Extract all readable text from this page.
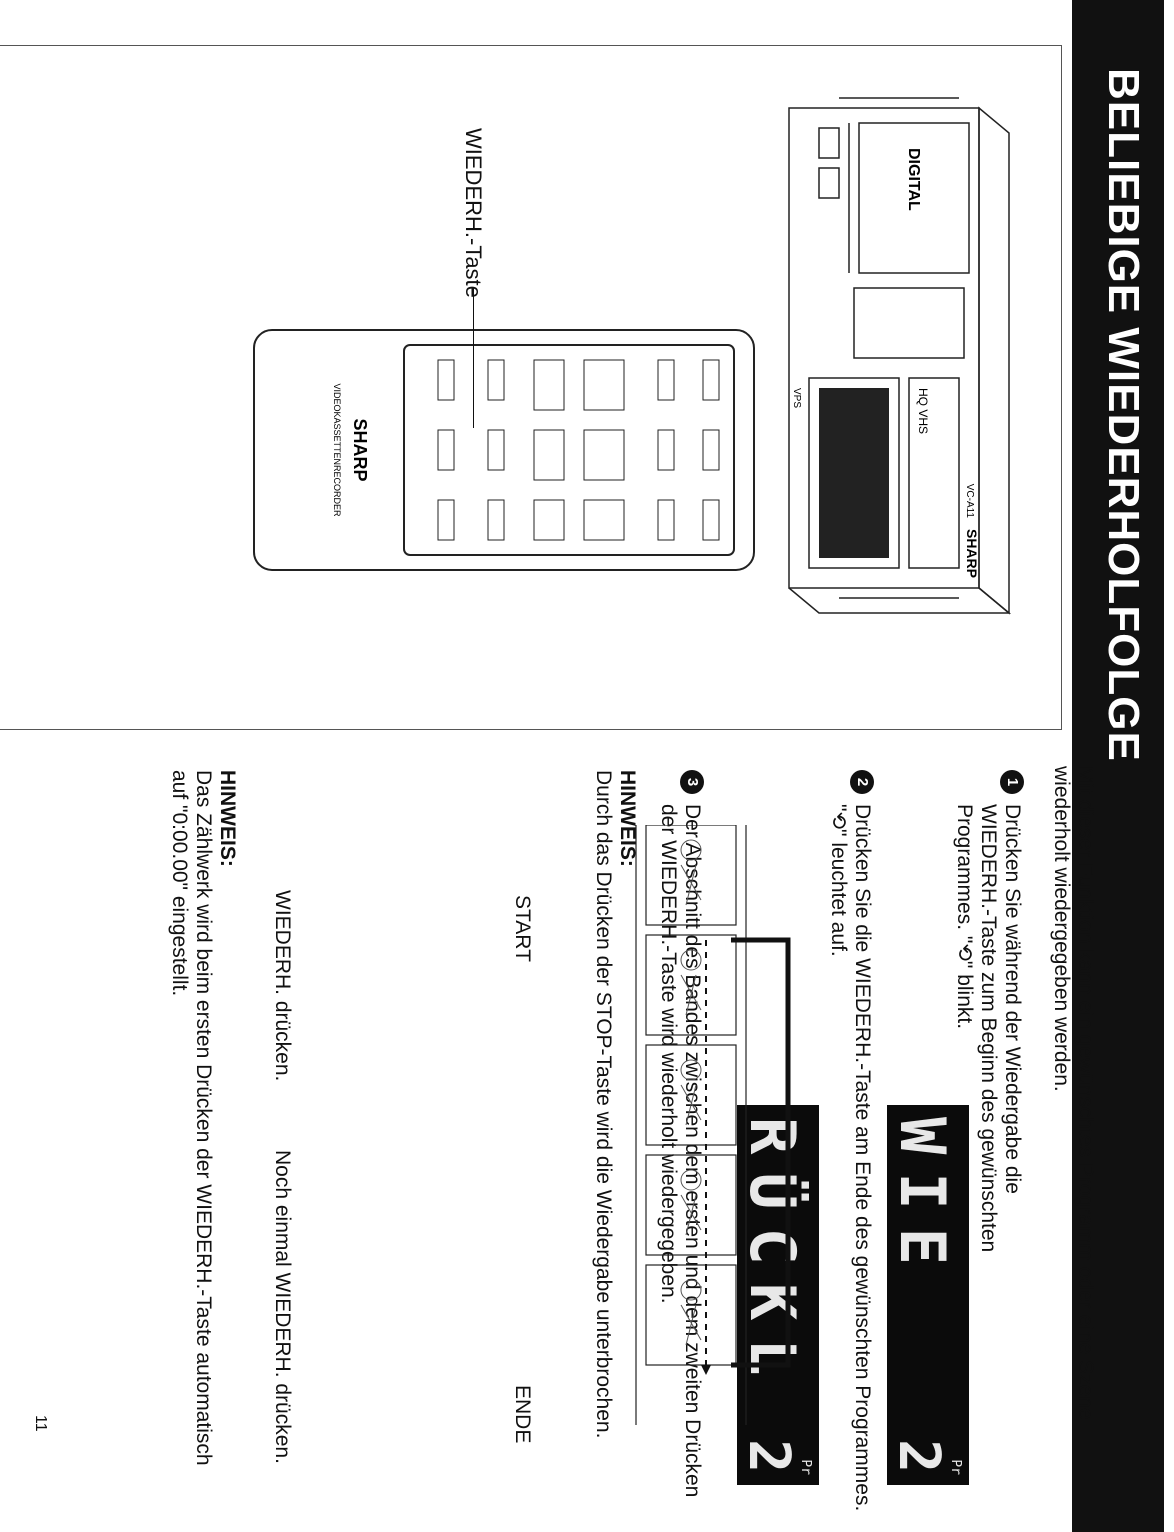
BELIEBIGE WIEDERHOLFOLGE
DIGITAL
HQ VHS
SHARP
VC-A11
VPS
SHARP
VIDEOKASSETTENRECORDER
WIEDERH.-Taste
Mit dieser Funktion kann ein gewünschtes Programm oder eine Szene wiederholt wiedergegeben werden.
1
Drücken Sie während der Wiedergabe die WIEDERH.-Taste zum Beginn des gewünschten Programmes. "⟲" blinkt.
WIE
Pr
2
2
Drücken Sie die WIEDERH.-Taste am Ende des gewünschten Programmes. "⟲" leuchtet auf.
RÜCKL
Pr
2
3
Der Abschnitt des Bandes zwischen dem ersten und dem zweiten Drücken der WIEDERH.-Taste wird wiederholt wiedergegeben.
HINWEIS:
Durch das Drücken der STOP-Taste wird die Wiedergabe unterbrochen.
START
ENDE
WIEDERH. drücken.
Noch einmal WIEDERH. drücken.
HINWEIS:
Das Zählwerk wird beim ersten Drücken der WIEDERH.-Taste automatisch auf "0:00.00" eingestellt.
11
